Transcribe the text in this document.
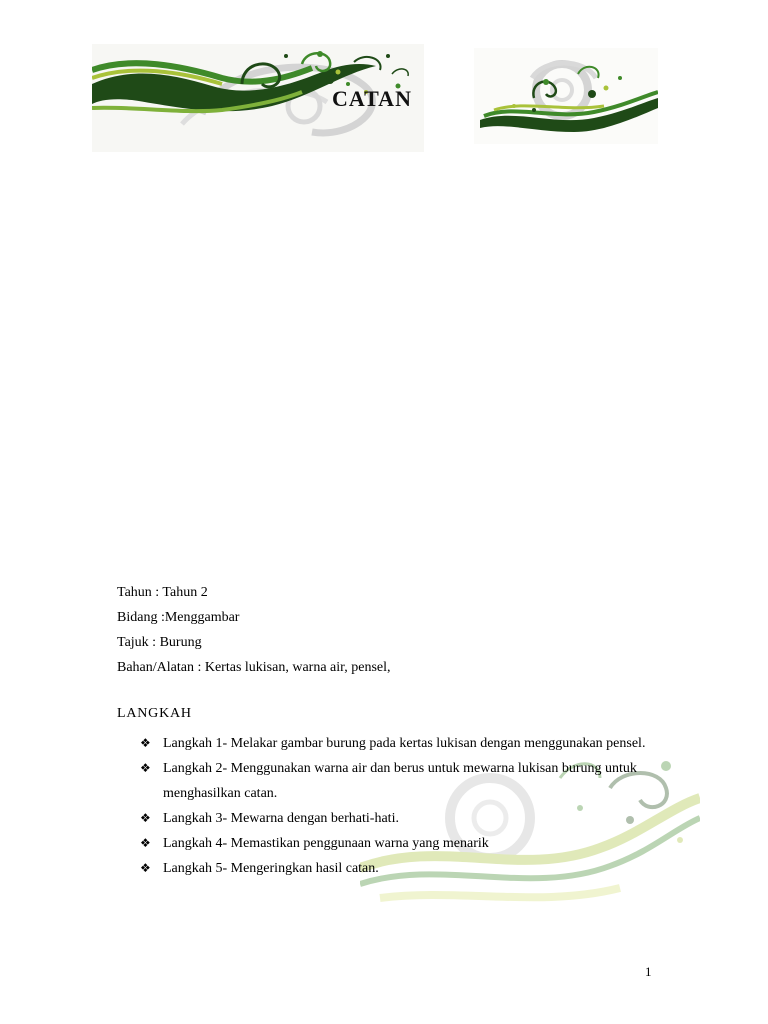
CATAN
Tahun : Tahun 2
Bidang :Menggambar
Tajuk : Burung
Bahan/Alatan : Kertas lukisan, warna air, pensel,
LANGKAH
❖ Langkah 1- Melakar gambar burung pada kertas lukisan dengan menggunakan pensel.
❖ Langkah 2- Menggunakan warna air dan berus untuk mewarna lukisan burung untuk menghasilkan catan.
❖ Langkah 3- Mewarna dengan berhati-hati.
❖ Langkah 4- Memastikan penggunaan warna yang menarik
❖ Langkah 5- Mengeringkan hasil catan.
1
